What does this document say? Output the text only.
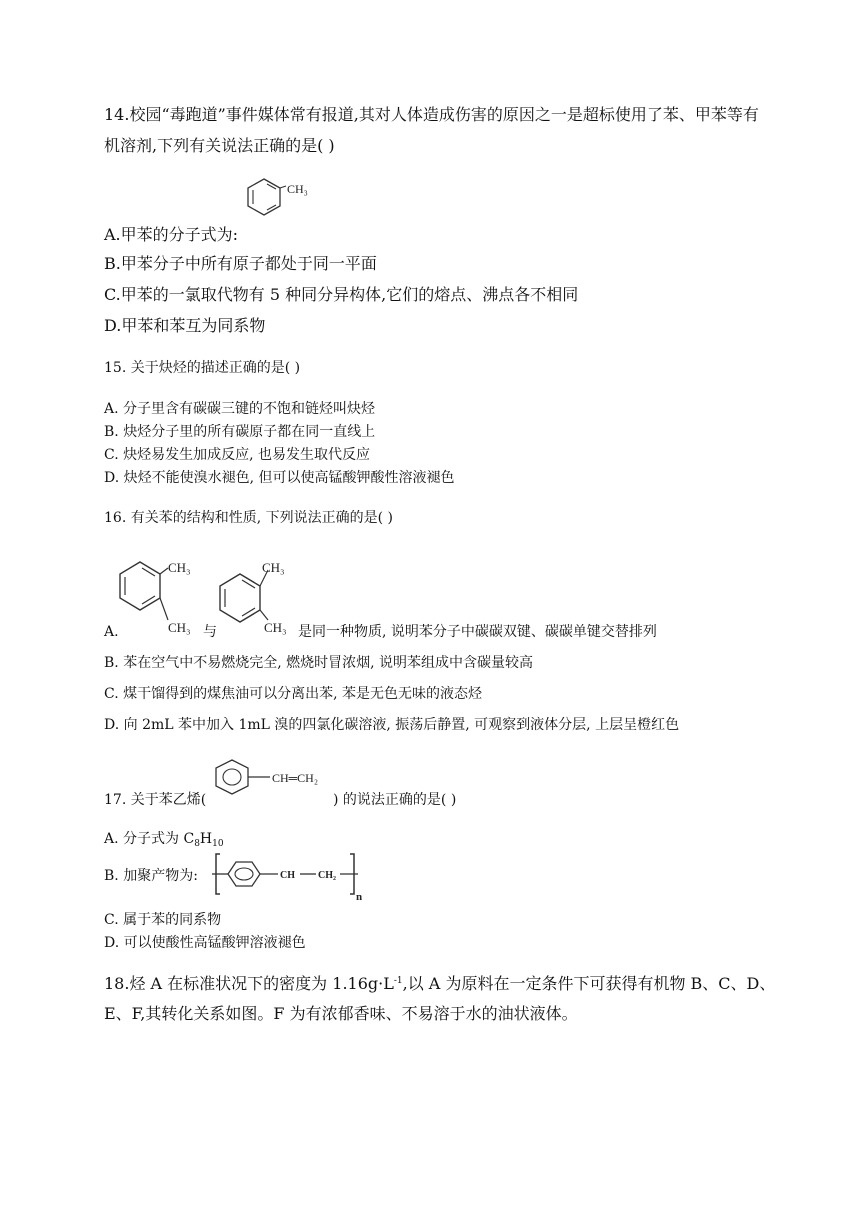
14.校园“毒跑道”事件媒体常有报道,其对人体造成伤害的原因之一是超标使用了苯、甲苯等有
机溶剂,下列有关说法正确的是( )
A.甲苯的分子式为:
CH₃
B.甲苯分子中所有原子都处于同一平面
C.甲苯的一氯取代物有 5 种同分异构体,它们的熔点、沸点各不相同
D.甲苯和苯互为同系物
15. 关于炔烃的描述正确的是( )
A. 分子里含有碳碳三键的不饱和链烃叫炔烃
B. 炔烃分子里的所有碳原子都在同一直线上
C. 炔烃易发生加成反应, 也易发生取代反应
D. 炔烃不能使溴水褪色, 但可以使高锰酸钾酸性溶液褪色
16. 有关苯的结构和性质, 下列说法正确的是( )
A.
CH₃
CH₃ 与
CH₃
CH₃ 是同一种物质, 说明苯分子中碳碳双键、碳碳单键交替排列
B. 苯在空气中不易燃烧完全, 燃烧时冒浓烟, 说明苯组成中含碳量较高
C. 煤干馏得到的煤焦油可以分离出苯, 苯是无色无味的液态烃
D. 向 2mL 苯中加入 1mL 溴的四氯化碳溶液, 振荡后静置, 可观察到液体分层, 上层呈橙红色
17. 关于苯乙烯(
CH═CH₂
) 的说法正确的是( )
A. 分子式为 $C_8H_{10}$
B. 加聚产物为:	CH CH₂
n
C. 属于苯的同系物
D. 可以使酸性高锰酸钾溶液褪色
18.烃 A 在标准状况下的密度为 $1.16g\cdot L^{-1}$,以 A 为原料在一定条件下可获得有机物 B、C、D、
E、F,其转化关系如图。F 为有浓郁香味、不易溶于水的油状液体。
